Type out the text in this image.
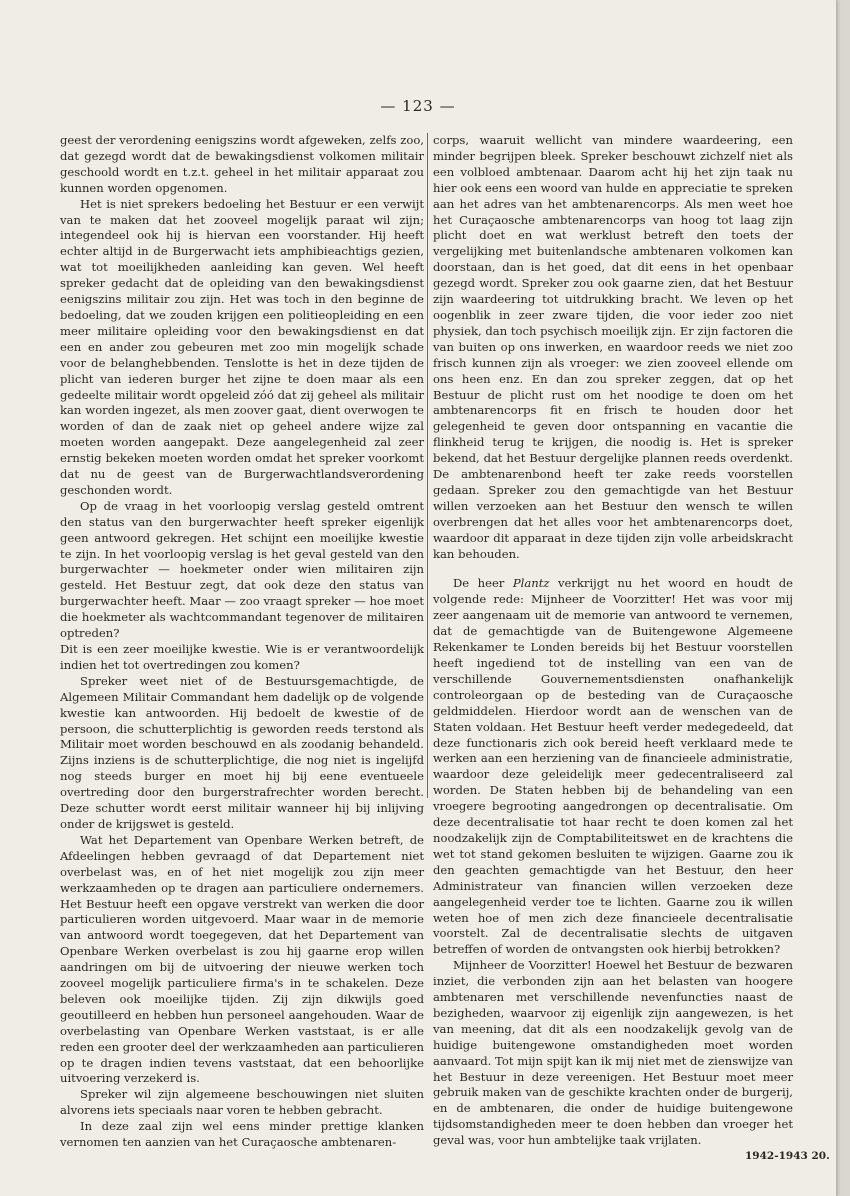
— 123 —

geest der verordening eenigszins wordt afgeweken, zelfs zoo, dat gezegd wordt dat de bewakingsdienst volkomen militair geschoold wordt en t.z.t. geheel in het militair apparaat zou kunnen worden opgenomen.

Het is niet sprekers bedoeling het Bestuur er een verwijt van te maken dat het zooveel mogelijk paraat wil zijn; integendeel ook hij is hiervan een voorstander. Hij heeft echter altijd in de Burgerwacht iets amphibieachtigs gezien, wat tot moeilijkheden aanleiding kan geven. Wel heeft spreker gedacht dat de opleiding van den bewakingsdienst eenigszins militair zou zijn. Het was toch in den beginne de bedoeling, dat we zouden krijgen een politieopleiding en een meer militaire opleiding voor den bewakingsdienst en dat een en ander zou gebeuren met zoo min mogelijk schade voor de belanghebbenden. Tenslotte is het in deze tijden de plicht van iederen burger het zijne te doen maar als een gedeelte militair wordt opgeleid zóó dat zij geheel als militair kan worden ingezet, als men zoover gaat, dient overwogen te worden of dan de zaak niet op geheel andere wijze zal moeten worden aangepakt. Deze aangelegenheid zal zeer ernstig bekeken moeten worden omdat het spreker voorkomt dat nu de geest van de Burgerwachtlandsverordening geschonden wordt.

Op de vraag in het voorloopig verslag gesteld omtrent den status van den burgerwachter heeft spreker eigenlijk geen antwoord gekregen. Het schijnt een moeilijke kwestie te zijn. In het voorloopig verslag is het geval gesteld van den burgerwachter — hoekmeter onder wien militairen zijn gesteld. Het Bestuur zegt, dat ook deze den status van burgerwachter heeft. Maar — zoo vraagt spreker — hoe moet die hoekmeter als wachtcommandant tegenover de militairen optreden?

Dit is een zeer moeilijke kwestie. Wie is er verantwoordelijk indien het tot overtredingen zou komen?

Spreker weet niet of de Bestuursgemachtigde, de Algemeen Militair Commandant hem dadelijk op de volgende kwestie kan antwoorden. Hij bedoelt de kwestie of de persoon, die schutterplichtig is geworden reeds terstond als Militair moet worden beschouwd en als zoodanig behandeld. Zijns inziens is de schutterplichtige, die nog niet is ingelijfd nog steeds burger en moet hij bij eene eventueele overtreding door den burgerstrafrechter worden berecht. Deze schutter wordt eerst militair wanneer hij bij inlijving onder de krijgswet is gesteld.

Wat het Departement van Openbare Werken betreft, de Afdeelingen hebben gevraagd of dat Departement niet overbelast was, en of het niet mogelijk zou zijn meer werkzaamheden op te dragen aan particuliere ondernemers. Het Bestuur heeft een opgave verstrekt van werken die door particulieren worden uitgevoerd. Maar waar in de memorie van antwoord wordt toegegeven, dat het Departement van Openbare Werken overbelast is zou hij gaarne erop willen aandringen om bij de uitvoering der nieuwe werken toch zooveel mogelijk particuliere firma's in te schakelen. Deze beleven ook moeilijke tijden. Zij zijn dikwijls goed geoutilleerd en hebben hun personeel aangehouden. Waar de overbelasting van Openbare Werken vaststaat, is er alle reden een grooter deel der werkzaamheden aan particulieren op te dragen indien tevens vaststaat, dat een behoorlijke uitvoering verzekerd is.

Spreker wil zijn algemeene beschouwingen niet sluiten alvorens iets speciaals naar voren te hebben gebracht.

In deze zaal zijn wel eens minder prettige klanken vernomen ten aanzien van het Curaçaosche ambtenaren-

corps, waaruit wellicht van mindere waardeering, een minder begrijpen bleek. Spreker beschouwt zichzelf niet als een volbloed ambtenaar. Daarom acht hij het zijn taak nu hier ook eens een woord van hulde en appreciatie te spreken aan het adres van het ambtenarencorps. Als men weet hoe het Curaçaosche ambtenarencorps van hoog tot laag zijn plicht doet en wat werklust betreft den toets der vergelijking met buitenlandsche ambtenaren volkomen kan doorstaan, dan is het goed, dat dit eens in het openbaar gezegd wordt. Spreker zou ook gaarne zien, dat het Bestuur zijn waardeering tot uitdrukking bracht. We leven op het oogenblik in zeer zware tijden, die voor ieder zoo niet physiek, dan toch psychisch moeilijk zijn. Er zijn factoren die van buiten op ons inwerken, en waardoor reeds we niet zoo frisch kunnen zijn als vroeger: we zien zooveel ellende om ons heen enz. En dan zou spreker zeggen, dat op het Bestuur de plicht rust om het noodige te doen om het ambtenarencorps fit en frisch te houden door het gelegenheid te geven door ontspanning en vacantie die flinkheid terug te krijgen, die noodig is. Het is spreker bekend, dat het Bestuur dergelijke plannen reeds overdenkt. De ambtenarenbond heeft ter zake reeds voorstellen gedaan. Spreker zou den gemachtigde van het Bestuur willen verzoeken aan het Bestuur den wensch te willen overbrengen dat het alles voor het ambtenarencorps doet, waardoor dit apparaat in deze tijden zijn volle arbeidskracht kan behouden.

De heer Plantz verkrijgt nu het woord en houdt de volgende rede: Mijnheer de Voorzitter! Het was voor mij zeer aangenaam uit de memorie van antwoord te vernemen, dat de gemachtigde van de Buitengewone Algemeene Rekenkamer te Londen bereids bij het Bestuur voorstellen heeft ingediend tot de instelling van een van de verschillende Gouvernementsdiensten onafhankelijk controleorgaan op de besteding van de Curaçaosche geldmiddelen. Hierdoor wordt aan de wenschen van de Staten voldaan. Het Bestuur heeft verder medegedeeld, dat deze functionaris zich ook bereid heeft verklaard mede te werken aan een herziening van de financieele administratie, waardoor deze geleidelijk meer gedecentraliseerd zal worden. De Staten hebben bij de behandeling van een vroegere begrooting aangedrongen op decentralisatie. Om deze decentralisatie tot haar recht te doen komen zal het noodzakelijk zijn de Comptabiliteitswet en de krachtens die wet tot stand gekomen besluiten te wijzigen. Gaarne zou ik den geachten gemachtigde van het Bestuur, den heer Administrateur van financien willen verzoeken deze aangelegenheid verder toe te lichten. Gaarne zou ik willen weten hoe of men zich deze financieele decentralisatie voorstelt. Zal de decentralisatie slechts de uitgaven betreffen of worden de ontvangsten ook hierbij betrokken?

Mijnheer de Voorzitter! Hoewel het Bestuur de bezwaren inziet, die verbonden zijn aan het belasten van hoogere ambtenaren met verschillende nevenfuncties naast de bezigheden, waarvoor zij eigenlijk zijn aangewezen, is het van meening, dat dit als een noodzakelijk gevolg van de huidige buitengewone omstandigheden moet worden aanvaard. Tot mijn spijt kan ik mij niet met de zienswijze van het Bestuur in deze vereenigen. Het Bestuur moet meer gebruik maken van de geschikte krachten onder de burgerij, en de ambtenaren, die onder de huidige buitengewone tijdsomstandigheden meer te doen hebben dan vroeger het geval was, voor hun ambtelijke taak vrijlaten.

1942-1943 20.
